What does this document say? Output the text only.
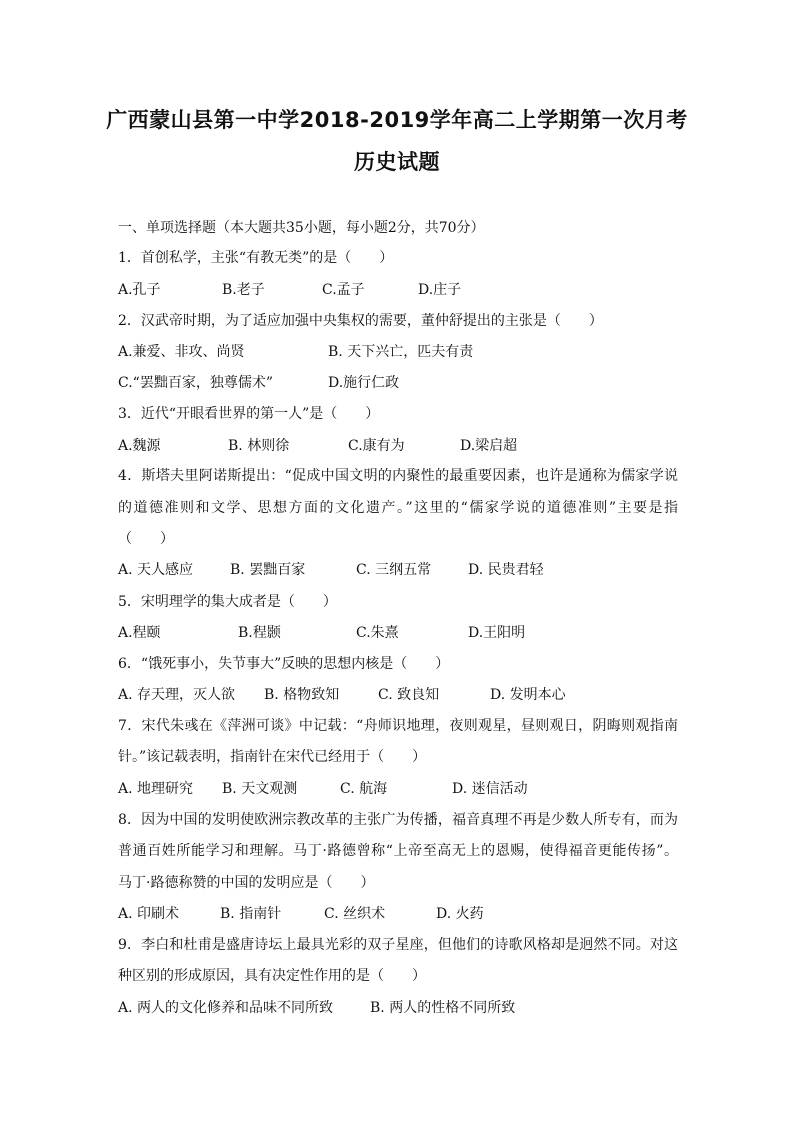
广西蒙山县第一中学2018-2019学年高二上学期第一次月考
历史试题
一、单项选择题（本大题共35小题，每小题2分，共70分）
1．首创私学，主张“有教无类”的是（　　）
A.孔子	B.老子	C.孟子	D.庄子
2．汉武帝时期，为了适应加强中央集权的需要，董仲舒提出的主张是（　　）
A.兼爱、非攻、尚贤	B. 天下兴亡，匹夫有责
C.“罢黜百家，独尊儒术”	D.施行仁政
3．近代“开眼看世界的第一人”是（　　）
A.魏源	B. 林则徐	C.康有为	D.梁启超
4．斯塔夫里阿诺斯提出：“促成中国文明的内聚性的最重要因素，也许是通称为儒家学说
的道德准则和文学、思想方面的文化遗产。”这里的“儒家学说的道德准则”主要是指
（　　）
A. 天人感应	B. 罢黜百家	C. 三纲五常	D. 民贵君轻
5．宋明理学的集大成者是（　　）
A.程颐	B.程颢	C.朱熹	D.王阳明
6．“饿死事小，失节事大”反映的思想内核是（　　）
A. 存天理，灭人欲 B. 格物致知	C. 致良知	D. 发明本心
7．宋代朱彧在《萍洲可谈》中记载：“舟师识地理，夜则观星，昼则观日，阴晦则观指南
针。”该记载表明，指南针在宋代已经用于（　　）
A. 地理研究 B. 天文观测	C. 航海	D. 迷信活动
8．因为中国的发明使欧洲宗教改革的主张广为传播，福音真理不再是少数人所专有，而为
普通百姓所能学习和理解。马丁·路德曾称“上帝至高无上的恩赐，使得福音更能传扬”。
马丁·路德称赞的中国的发明应是（　　）
A. 印刷术	B. 指南针	C. 丝织术	D. 火药
9．李白和杜甫是盛唐诗坛上最具光彩的双子星座，但他们的诗歌风格却是迥然不同。对这
种区别的形成原因，具有决定性作用的是（　　）
A. 两人的文化修养和品味不同所致	B. 两人的性格不同所致
